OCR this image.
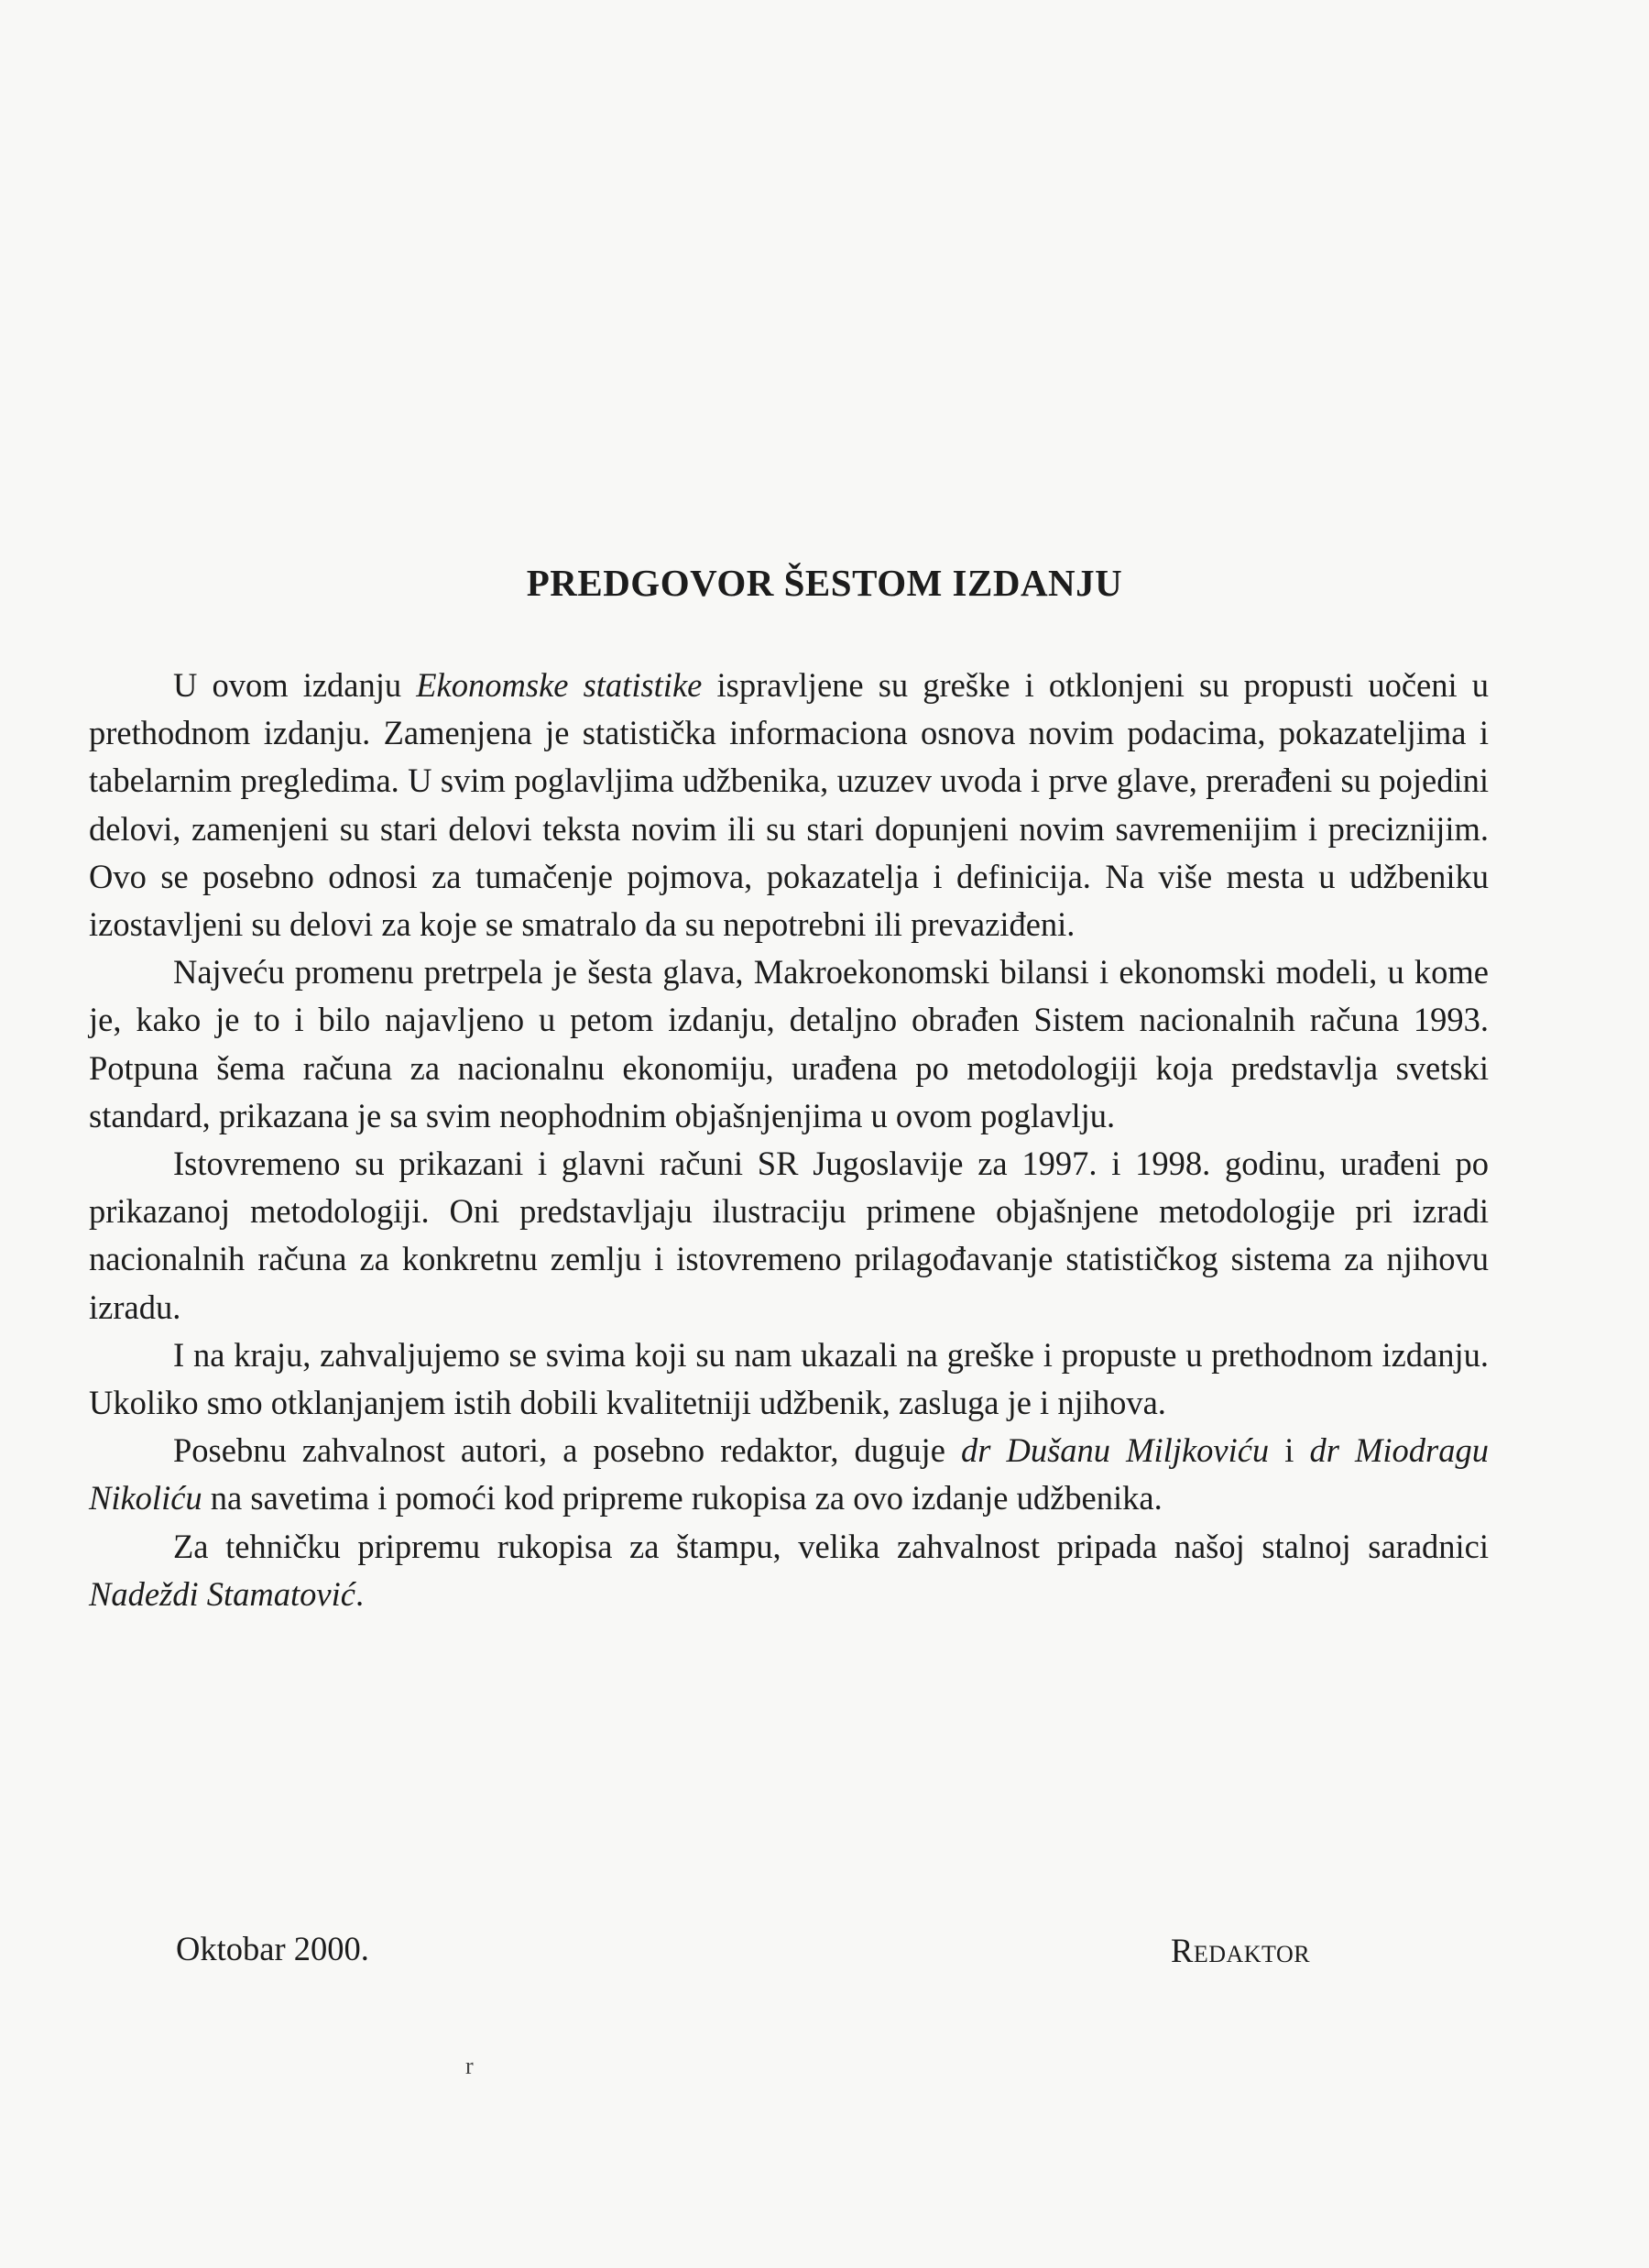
PREDGOVOR ŠESTOM IZDANJU

U ovom izdanju Ekonomske statistike ispravljene su greške i otklonjeni su propusti uočeni u prethodnom izdanju. Zamenjena je statistička informaciona osnova novim podacima, pokazateljima i tabelarnim pregledima. U svim poglavljima udžbenika, uzuzev uvoda i prve glave, prerađeni su pojedini delovi, zamenjeni su stari delovi teksta novim ili su stari dopunjeni novim savremenijim i preciznijim. Ovo se posebno odnosi za tumačenje pojmova, pokazatelja i definicija. Na više mesta u udžbeniku izostavljeni su delovi za koje se smatralo da su nepotrebni ili prevaziđeni.

Najveću promenu pretrpela je šesta glava, Makroekonomski bilansi i ekonomski modeli, u kome je, kako je to i bilo najavljeno u petom izdanju, detaljno obrađen Sistem nacionalnih računa 1993. Potpuna šema računa za nacionalnu ekonomiju, urađena po metodologiji koja predstavlja svetski standard, prikazana je sa svim neophodnim objašnjenjima u ovom poglavlju.

Istovremeno su prikazani i glavni računi SR Jugoslavije za 1997. i 1998. godinu, urađeni po prikazanoj metodologiji. Oni predstavljaju ilustraciju primene objašnjene metodologije pri izradi nacionalnih računa za konkretnu zemlju i istovremeno prilagođavanje statističkog sistema za njihovu izradu.

I na kraju, zahvaljujemo se svima koji su nam ukazali na greške i propuste u prethodnom izdanju. Ukoliko smo otklanjanjem istih dobili kvalitetniji udžbenik, zasluga je i njihova.

Posebnu zahvalnost autori, a posebno redaktor, duguje dr Dušanu Miljkoviću i dr Miodragu Nikoliću na savetima i pomoći kod pripreme rukopisa za ovo izdanje udžbenika.

Za tehničku pripremu rukopisa za štampu, velika zahvalnost pripada našoj stalnoj saradnici Nadeždi Stamatović.

Oktobar 2000.	Redaktor
r
